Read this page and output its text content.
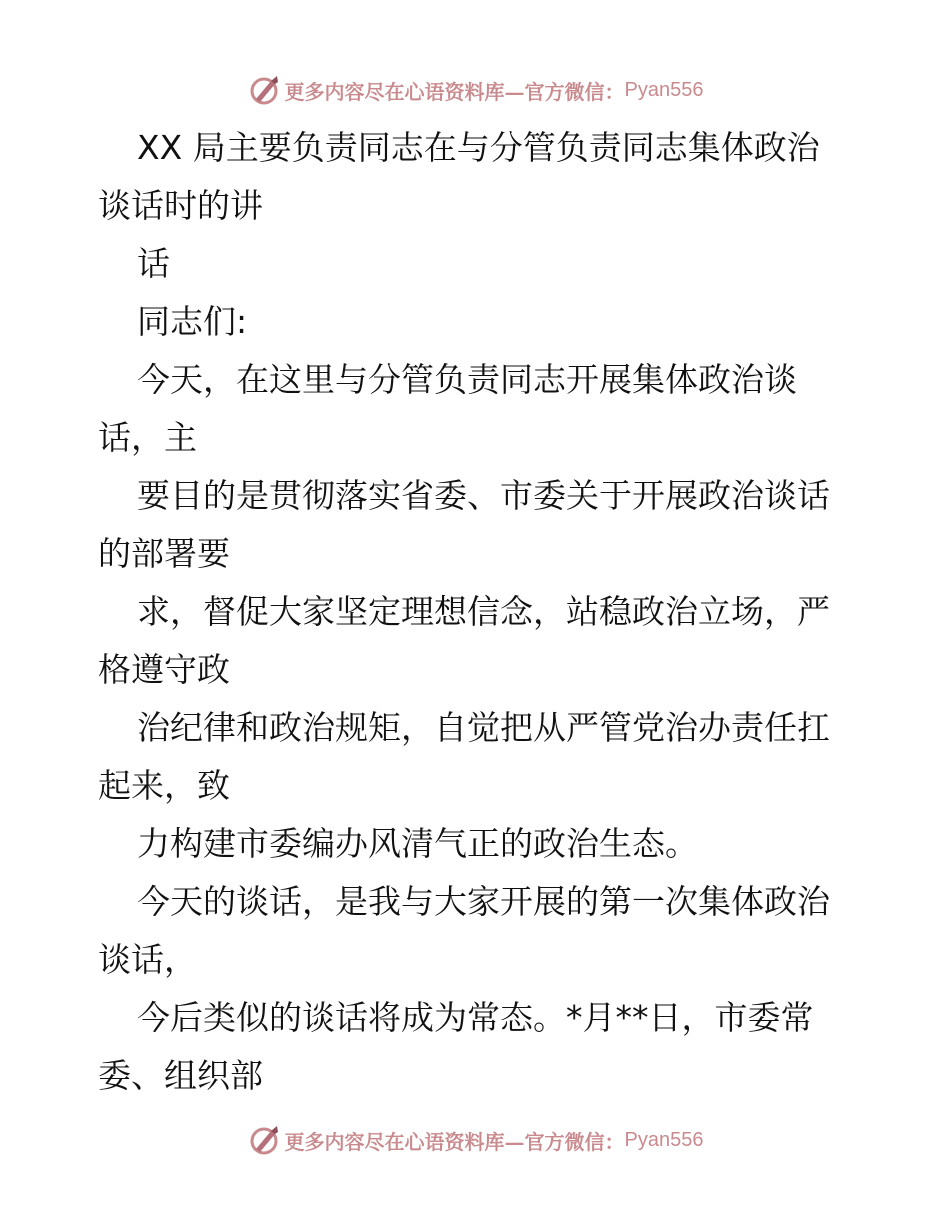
更多内容尽在心语资料库—官方微信： Pyan556
XX 局主要负责同志在与分管负责同志集体政治
谈话时的讲
话
同志们:
今天，在这里与分管负责同志开展集体政治谈
话，主
要目的是贯彻落实省委、市委关于开展政治谈话
的部署要
求，督促大家坚定理想信念，站稳政治立场，严
格遵守政
治纪律和政治规矩，自觉把从严管党治办责任扛
起来，致
力构建市委编办风清气正的政治生态。
今天的谈话，是我与大家开展的第一次集体政治
谈话，
今后类似的谈话将成为常态。*月**日，市委常
委、组织部
更多内容尽在心语资料库—官方微信： Pyan556
